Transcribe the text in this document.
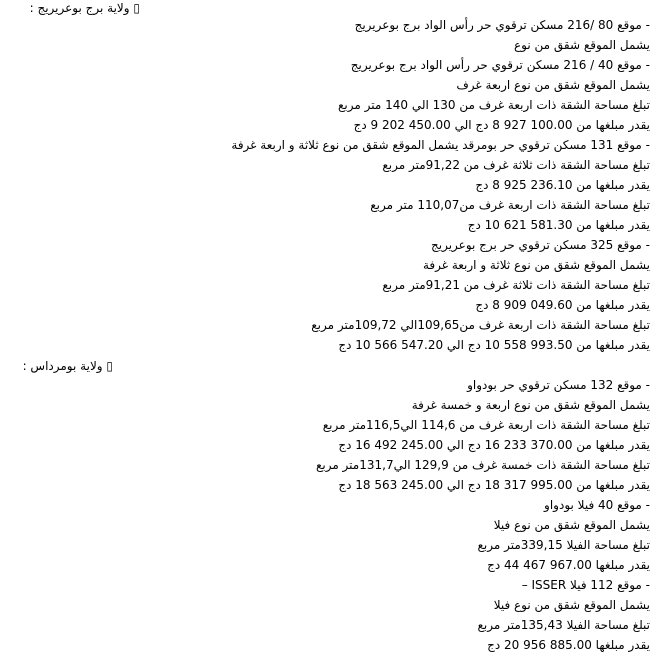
▯ ولاية برج بوعريريج :
- موقع 80 /216 مسكن ترقوي حر رأس الواد برج بوعريريج
يشمل الموقع شقق من نوع
- موقع 40 / 216 مسكن ترقوي حر رأس الواد برج بوعريريج
يشمل الموقع شقق من نوع اربعة غرف
تبلغ مساحة الشقة ذات اربعة غرف من 130 الي 140 متر مربع
يقدر مبلغها من 100.00 927 8 دج الي 450.00 202 9 دج
- موقع 131 مسكن ترقوي حر بومرقد يشمل الموقع شقق من نوع ثلاثة و اربعة غرفة
تبلغ مساحة الشقة ذات ثلاثة غرف من 91,22متر مربع
يقدر مبلغها من 236.10 925 8 دج
تبلغ مساحة الشقة ذات اربعة غرف من110,07 متر مربع
يقدر مبلغها من 581.30 621 10 دج
- موقع 325 مسكن ترقوي حر برج بوعريريج
يشمل الموقع شقق من نوع ثلاثة و اربعة غرفة
تبلغ مساحة الشقة ذات ثلاثة غرف من 91,21متر مربع
يقدر مبلغها من 049.60 909 8 دج
تبلغ مساحة الشقة ذات اربعة غرف من109,65الي 109,72متر مربع
يقدر مبلغها من 993.50 558 10 دج الي 547.20 566 10 دج
▯ ولاية بومرداس :
- موقع 132 مسكن ترقوي حر بودواو
يشمل الموقع شقق من نوع اربعة و خمسة غرفة
تبلغ مساحة الشقة ذات اربعة غرف من 114,6 الي116,5متر مربع
يقدر مبلغها من 370.00 233 16 دج الي 245.00 492 16 دج
تبلغ مساحة الشقة ذات خمسة غرف من 129,9 الي131,7متر مربع
يقدر مبلغها من 995.00 317 18 دج الي 245.00 563 18 دج
- موقع 40 فيلا بودواو
يشمل الموقع شقق من نوع فيلا
تبلغ مساحة الفيلا 339,15متر مربع
يقدر مبلغها 967.00 467 44 دج
- موقع 112 فيلا ISSER –
يشمل الموقع شقق من نوع فيلا
تبلغ مساحة الفيلا 135,43متر مربع
يقدر مبلغها 885.00 956 20 دج
